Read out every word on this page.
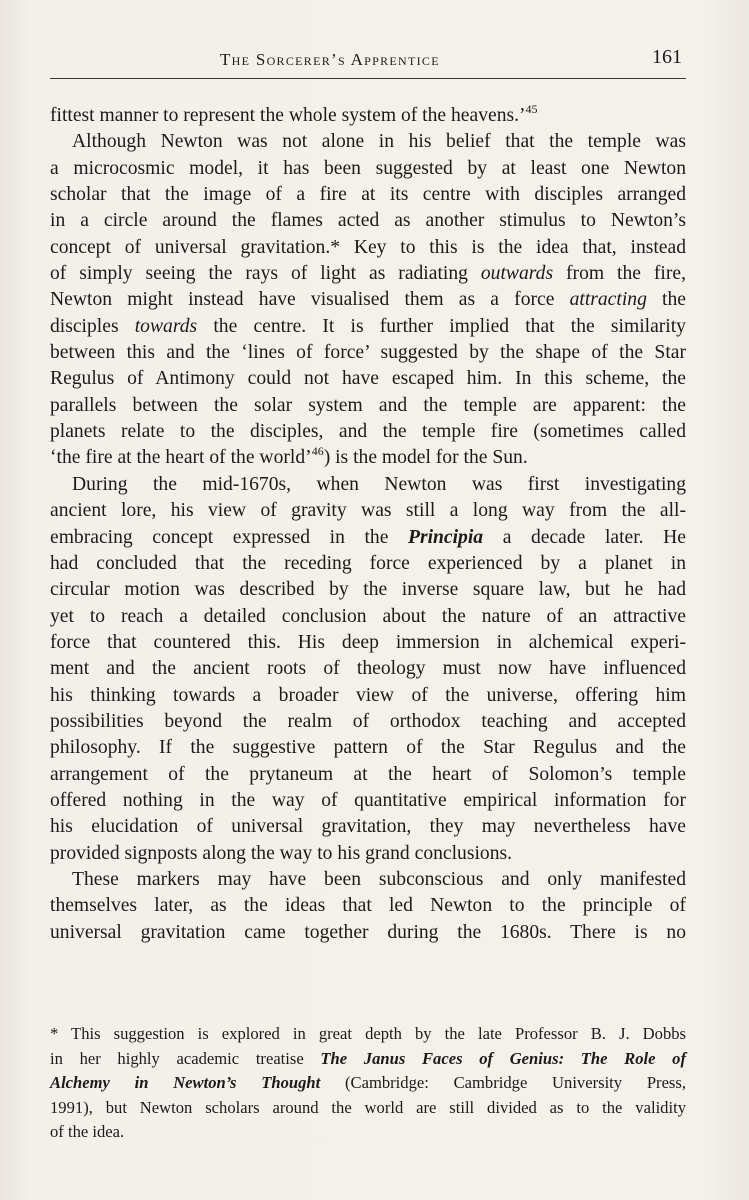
The Sorcerer’s Apprentice	161
fittest manner to represent the whole system of the heavens.’$^{45}$
Although Newton was not alone in his belief that the temple was
a microcosmic model, it has been suggested by at least one Newton
scholar that the image of a fire at its centre with disciples arranged
in a circle around the flames acted as another stimulus to Newton’s
concept of universal gravitation.* Key to this is the idea that, instead
of simply seeing the rays of light as radiating outwards from the fire,
Newton might instead have visualised them as a force attracting the
disciples towards the centre. It is further implied that the similarity
between this and the ‘lines of force’ suggested by the shape of the Star
Regulus of Antimony could not have escaped him. In this scheme, the
parallels between the solar system and the temple are apparent: the
planets relate to the disciples, and the temple fire (sometimes called
‘the fire at the heart of the world’$^{46}$) is the model for the Sun.
During the mid-1670s, when Newton was first investigating
ancient lore, his view of gravity was still a long way from the all-
embracing concept expressed in the Principia a decade later. He
had concluded that the receding force experienced by a planet in
circular motion was described by the inverse square law, but he had
yet to reach a detailed conclusion about the nature of an attractive
force that countered this. His deep immersion in alchemical experi-
ment and the ancient roots of theology must now have influenced
his thinking towards a broader view of the universe, offering him
possibilities beyond the realm of orthodox teaching and accepted
philosophy. If the suggestive pattern of the Star Regulus and the
arrangement of the prytaneum at the heart of Solomon’s temple
offered nothing in the way of quantitative empirical information for
his elucidation of universal gravitation, they may nevertheless have
provided signposts along the way to his grand conclusions.
These markers may have been subconscious and only manifested
themselves later, as the ideas that led Newton to the principle of
universal gravitation came together during the 1680s. There is no
* This suggestion is explored in great depth by the late Professor B. J. Dobbs
in her highly academic treatise The Janus Faces of Genius: The Role of
Alchemy in Newton’s Thought (Cambridge: Cambridge University Press,
1991), but Newton scholars around the world are still divided as to the validity
of the idea.
